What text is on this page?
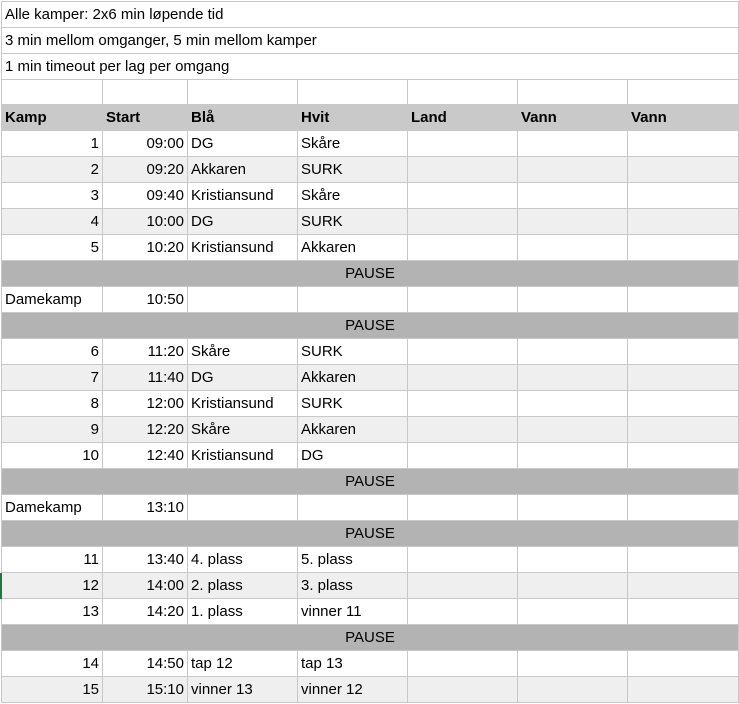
Alle kamper: 2x6 min løpende tid						
3 min mellom omganger, 5 min mellom kamper						
1 min timeout per lag per omgang						

Kamp	Start	Blå	Hvit	Land	Vann	Vann
1	09:00	DG	Skåre			
2	09:20	Akkaren	SURK			
3	09:40	Kristiansund	Skåre			
4	10:00	DG	SURK			
5	10:20	Kristiansund	Akkaren			
PAUSE						
Damekamp	10:50					
PAUSE						
6	11:20	Skåre	SURK			
7	11:40	DG	Akkaren			
8	12:00	Kristiansund	SURK			
9	12:20	Skåre	Akkaren			
10	12:40	Kristiansund	DG			
PAUSE						
Damekamp	13:10					
PAUSE						
11	13:40	4. plass	5. plass			
12	14:00	2. plass	3. plass			
13	14:20	1. plass	vinner 11			
PAUSE						
14	14:50	tap 12	tap 13			
15	15:10	vinner 13	vinner 12			
